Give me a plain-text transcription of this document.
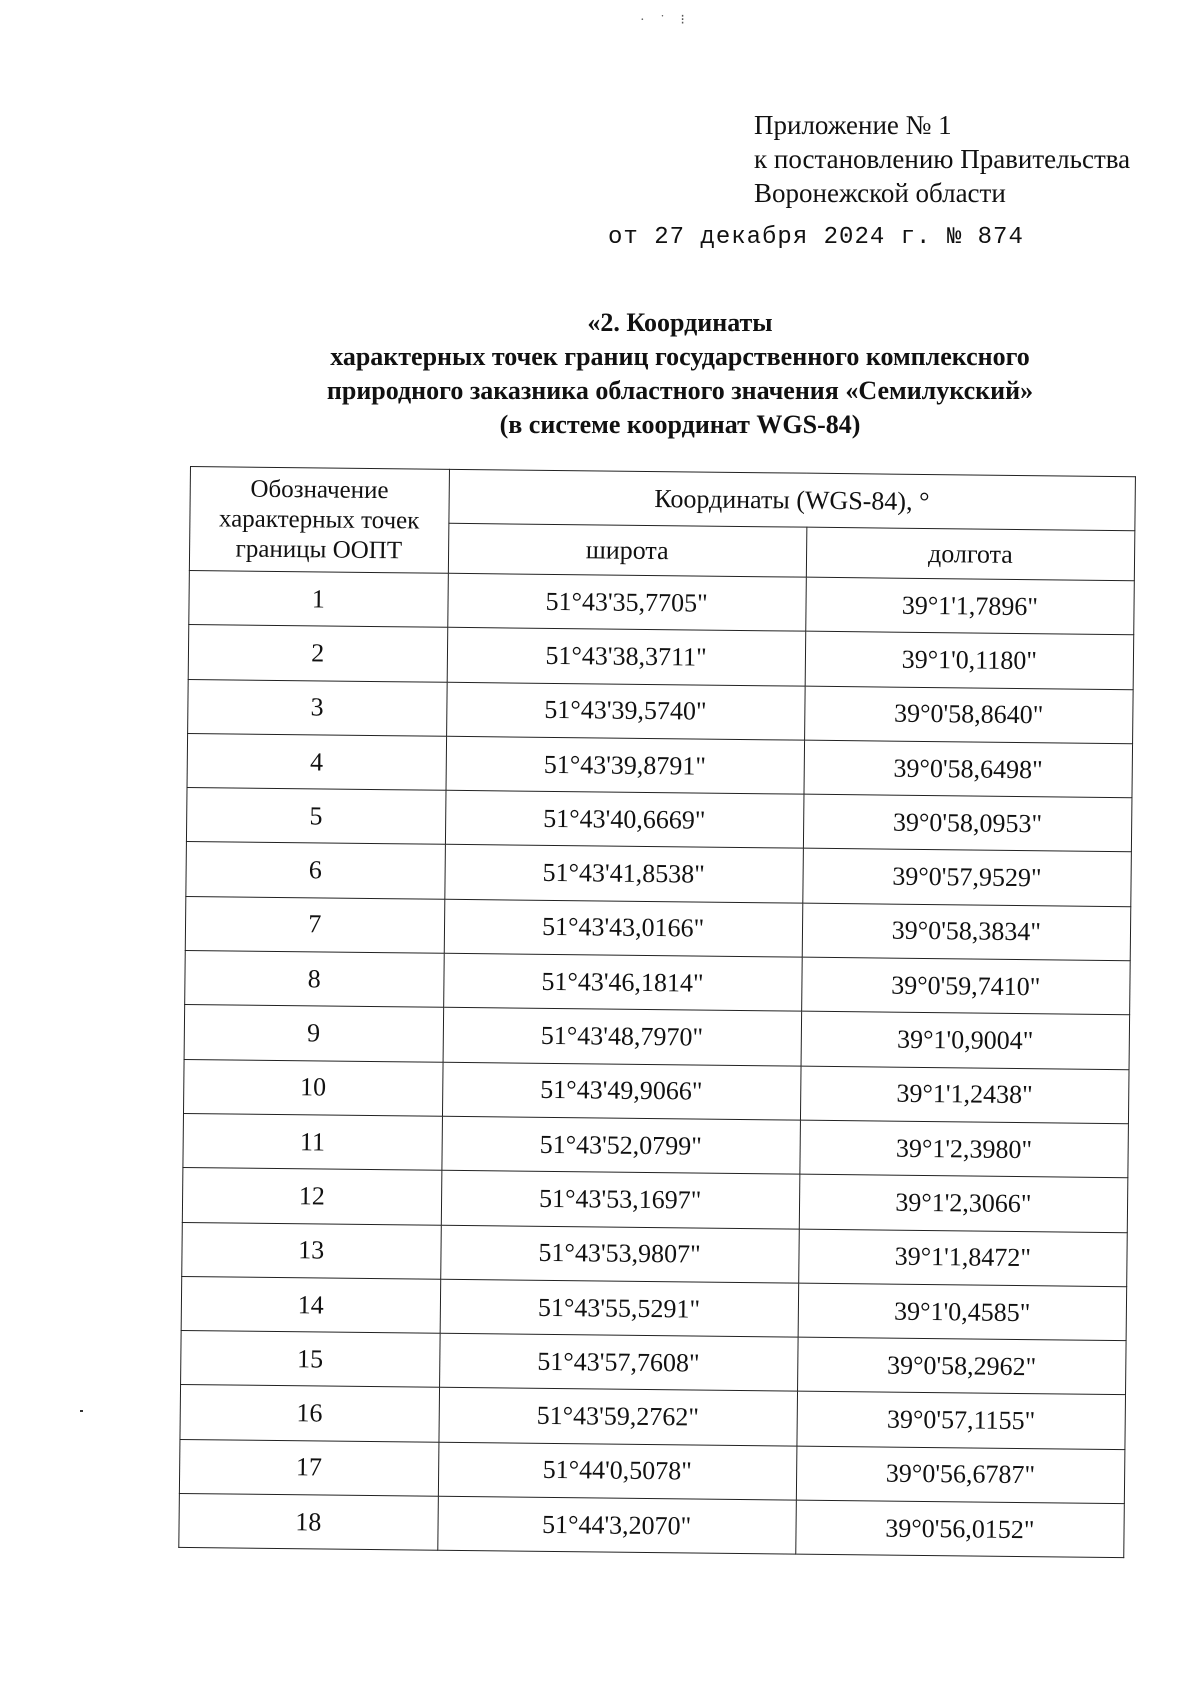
· ˙ ⁝
Приложение № 1
к постановлению Правительства
Воронежской области
от 27 декабря 2024 г. № 874
«2. Координаты
характерных точек границ государственного комплексного
природного заказника областного значения «Семилукский»
(в системе координат WGS-84)
Обозначение характерных точек границы ООПТ	Координаты (WGS-84), °	
	широта	долгота
1	51°43'35,7705"	39°1'1,7896"
2	51°43'38,3711"	39°1'0,1180"
3	51°43'39,5740"	39°0'58,8640"
4	51°43'39,8791"	39°0'58,6498"
5	51°43'40,6669"	39°0'58,0953"
6	51°43'41,8538"	39°0'57,9529"
7	51°43'43,0166"	39°0'58,3834"
8	51°43'46,1814"	39°0'59,7410"
9	51°43'48,7970"	39°1'0,9004"
10	51°43'49,9066"	39°1'1,2438"
11	51°43'52,0799"	39°1'2,3980"
12	51°43'53,1697"	39°1'2,3066"
13	51°43'53,9807"	39°1'1,8472"
14	51°43'55,5291"	39°1'0,4585"
15	51°43'57,7608"	39°0'58,2962"
16	51°43'59,2762"	39°0'57,1155"
17	51°44'0,5078"	39°0'56,6787"
18	51°44'3,2070"	39°0'56,0152"
